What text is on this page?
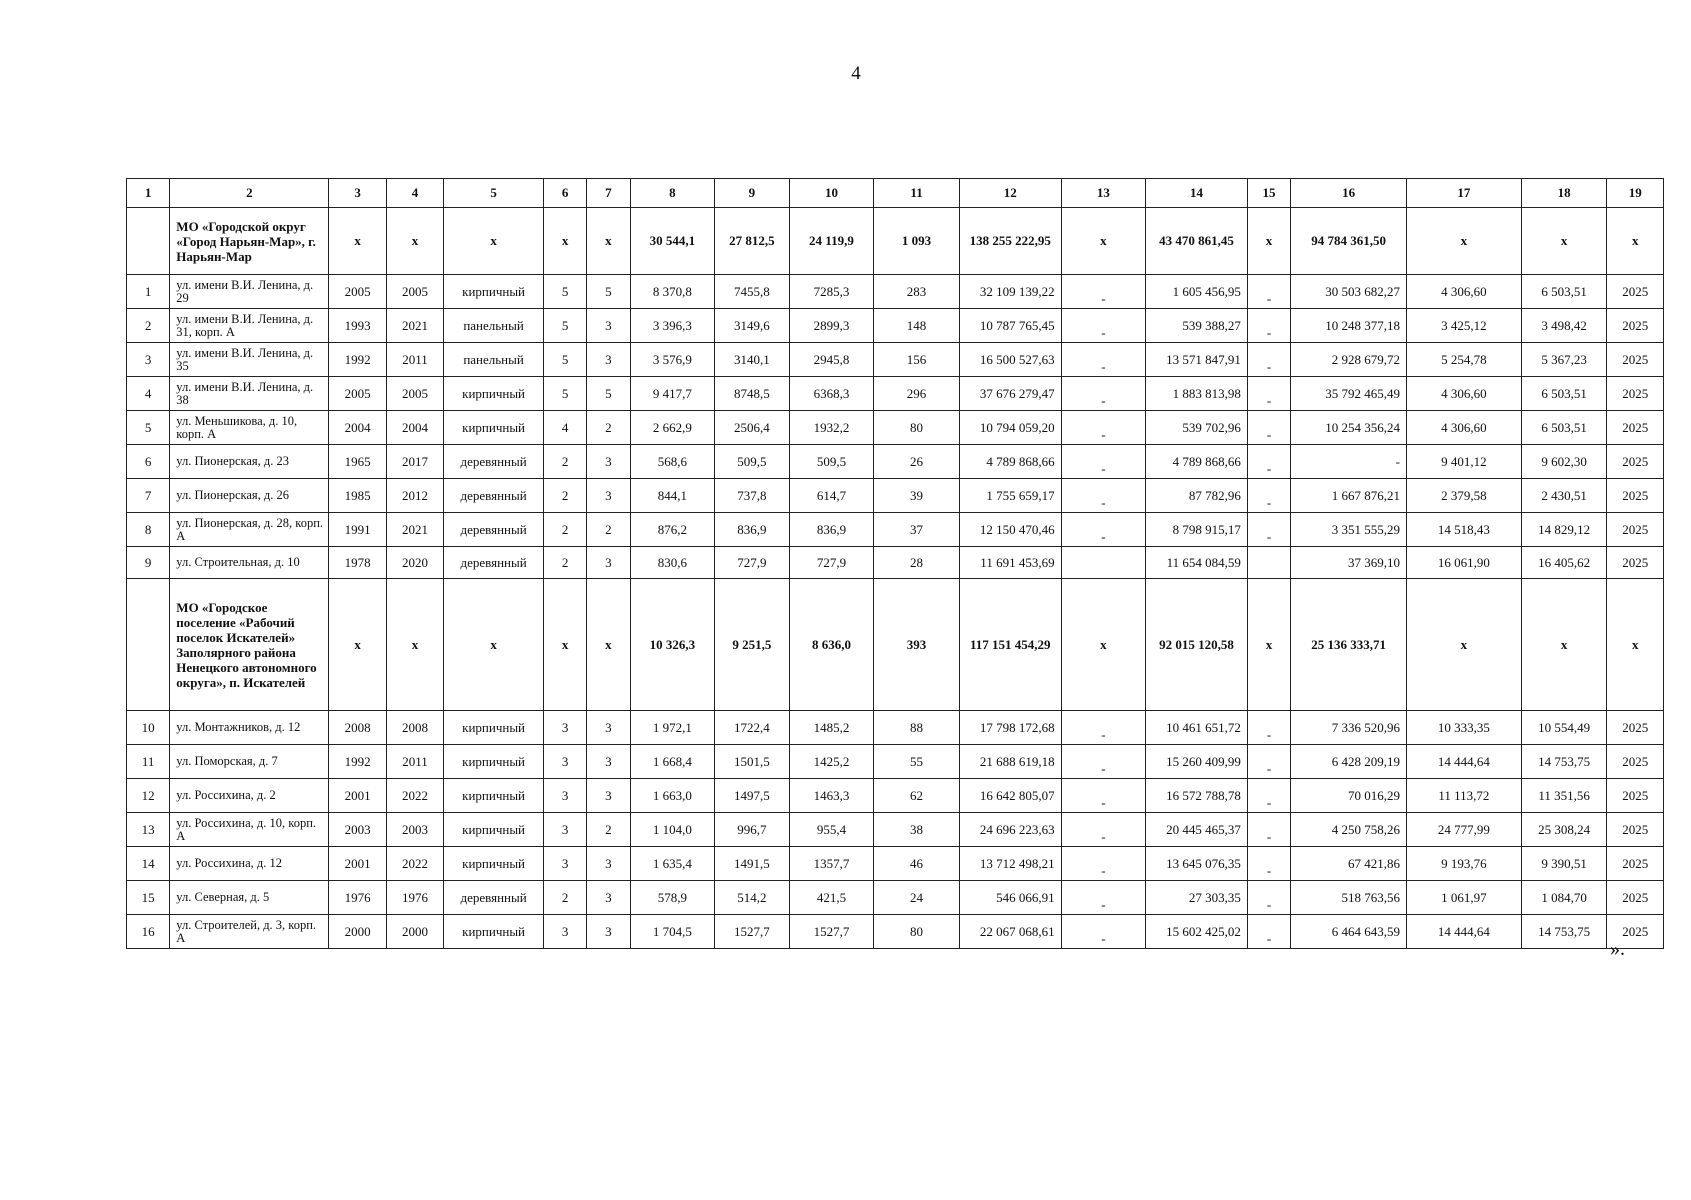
4
1	2	3	4	5	6	7	8	9	10	11	12	13	14	15	16	17	18	19
	МО «Городской округ «Город Нарьян-Мар», г. Нарьян-Мар	х	х	х	х	х	30 544,1	27 812,5	24 119,9	1 093	138 255 222,95	х	43 470 861,45	х	94 784 361,50	х	х	х
1	ул. имени В.И. Ленина, д. 29	2005	2005	кирпичный	5	5	8 370,8	7455,8	7285,3	283	32 109 139,22	-	1 605 456,95	-	30 503 682,27	4 306,60	6 503,51	2025
2	ул. имени В.И. Ленина, д. 31, корп. А	1993	2021	панельный	5	3	3 396,3	3149,6	2899,3	148	10 787 765,45	-	539 388,27	-	10 248 377,18	3 425,12	3 498,42	2025
3	ул. имени В.И. Ленина, д. 35	1992	2011	панельный	5	3	3 576,9	3140,1	2945,8	156	16 500 527,63	-	13 571 847,91	-	2 928 679,72	5 254,78	5 367,23	2025
4	ул. имени В.И. Ленина, д. 38	2005	2005	кирпичный	5	5	9 417,7	8748,5	6368,3	296	37 676 279,47	-	1 883 813,98	-	35 792 465,49	4 306,60	6 503,51	2025
5	ул. Меньшикова, д. 10, корп. А	2004	2004	кирпичный	4	2	2 662,9	2506,4	1932,2	80	10 794 059,20	-	539 702,96	-	10 254 356,24	4 306,60	6 503,51	2025
6	ул. Пионерская, д. 23	1965	2017	деревянный	2	3	568,6	509,5	509,5	26	4 789 868,66	-	4 789 868,66	-	-	9 401,12	9 602,30	2025
7	ул. Пионерская, д. 26	1985	2012	деревянный	2	3	844,1	737,8	614,7	39	1 755 659,17	-	87 782,96	-	1 667 876,21	2 379,58	2 430,51	2025
8	ул. Пионерская, д. 28, корп. А	1991	2021	деревянный	2	2	876,2	836,9	836,9	37	12 150 470,46	-	8 798 915,17	-	3 351 555,29	14 518,43	14 829,12	2025
9	ул. Строительная, д. 10	1978	2020	деревянный	2	3	830,6	727,9	727,9	28	11 691 453,69		11 654 084,59		37 369,10	16 061,90	16 405,62	2025
	МО «Городское поселение «Рабочий поселок Искателей» Заполярного района Ненецкого автономного округа», п. Искателей	х	х	х	х	х	10 326,3	9 251,5	8 636,0	393	117 151 454,29	х	92 015 120,58	х	25 136 333,71	х	х	х
10	ул. Монтажников, д. 12	2008	2008	кирпичный	3	3	1 972,1	1722,4	1485,2	88	17 798 172,68	-	10 461 651,72	-	7 336 520,96	10 333,35	10 554,49	2025
11	ул. Поморская, д. 7	1992	2011	кирпичный	3	3	1 668,4	1501,5	1425,2	55	21 688 619,18	-	15 260 409,99	-	6 428 209,19	14 444,64	14 753,75	2025
12	ул. Россихина, д. 2	2001	2022	кирпичный	3	3	1 663,0	1497,5	1463,3	62	16 642 805,07	-	16 572 788,78	-	70 016,29	11 113,72	11 351,56	2025
13	ул. Россихина, д. 10, корп. А	2003	2003	кирпичный	3	2	1 104,0	996,7	955,4	38	24 696 223,63	-	20 445 465,37	-	4 250 758,26	24 777,99	25 308,24	2025
14	ул. Россихина, д. 12	2001	2022	кирпичный	3	3	1 635,4	1491,5	1357,7	46	13 712 498,21	-	13 645 076,35	-	67 421,86	9 193,76	9 390,51	2025
15	ул. Северная, д. 5	1976	1976	деревянный	2	3	578,9	514,2	421,5	24	546 066,91	-	27 303,35	-	518 763,56	1 061,97	1 084,70	2025
16	ул. Строителей, д. 3, корп. А	2000	2000	кирпичный	3	3	1 704,5	1527,7	1527,7	80	22 067 068,61	-	15 602 425,02	-	6 464 643,59	14 444,64	14 753,75	2025
».
